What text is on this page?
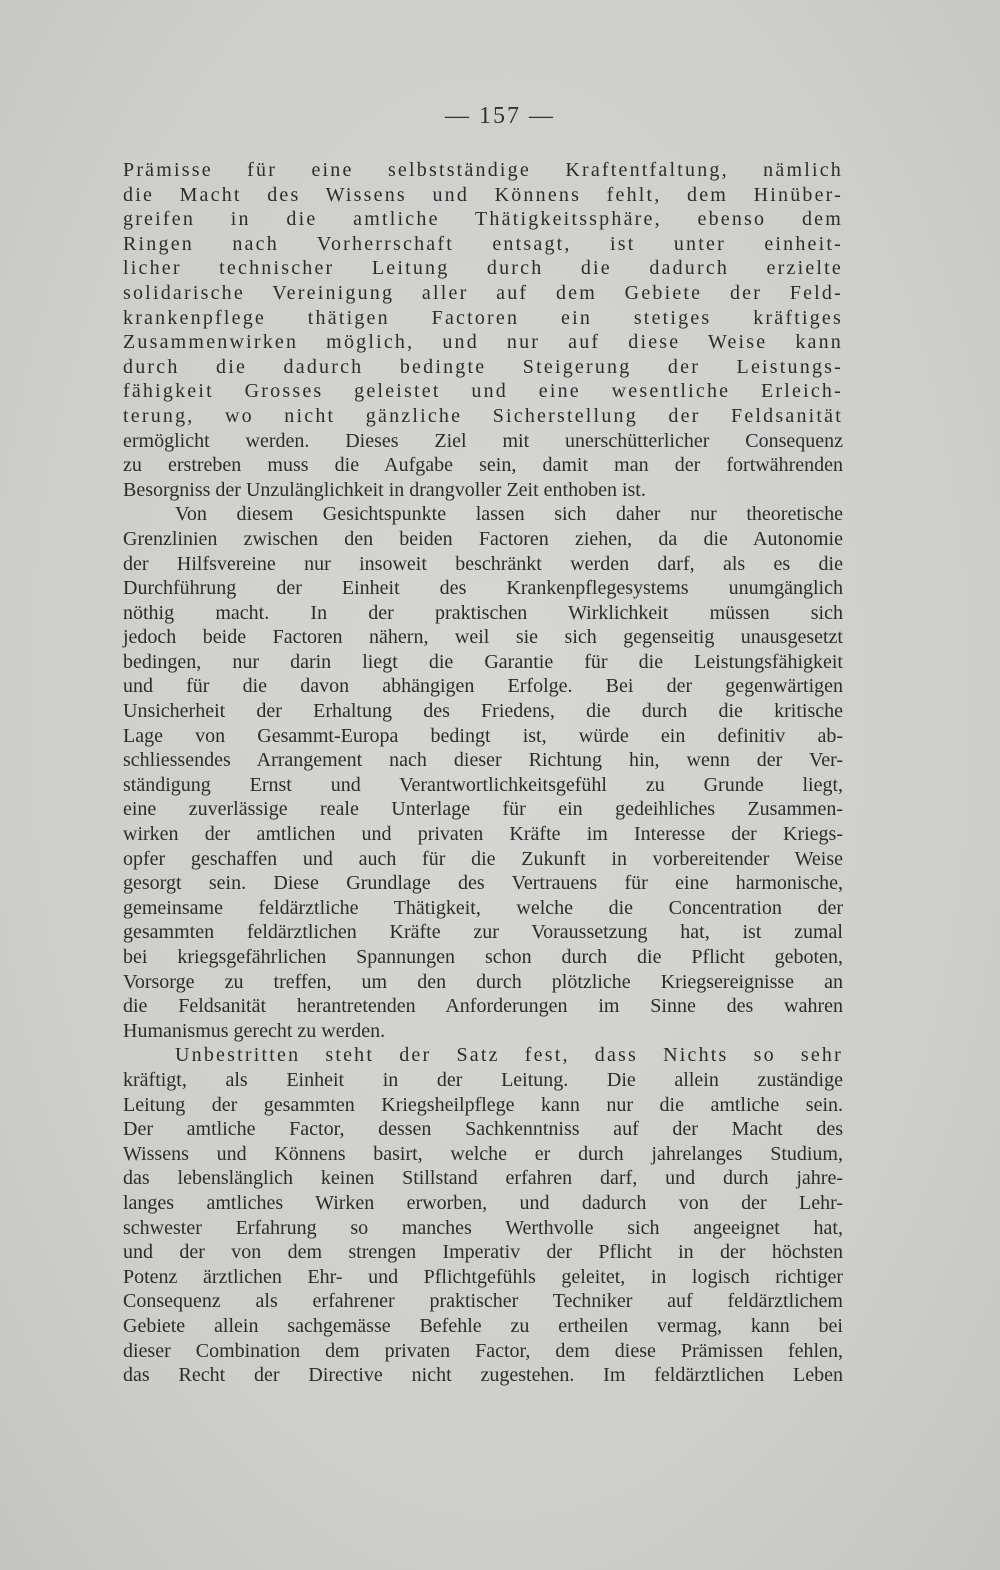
— 157 —
Prämisse für eine selbstständige Kraftentfaltung, nämlich
die Macht des Wissens und Könnens fehlt, dem Hinüber-
greifen in die amtliche Thätigkeitssphäre, ebenso dem
Ringen nach Vorherrschaft entsagt, ist unter einheit-
licher technischer Leitung durch die dadurch erzielte
solidarische Vereinigung aller auf dem Gebiete der Feld-
krankenpflege thätigen Factoren ein stetiges kräftiges
Zusammenwirken möglich, und nur auf diese Weise kann
durch die dadurch bedingte Steigerung der Leistungs-
fähigkeit Grosses geleistet und eine wesentliche Erleich-
terung, wo nicht gänzliche Sicherstellung der Feldsanität
ermöglicht werden. Dieses Ziel mit unerschütterlicher Consequenz
zu erstreben muss die Aufgabe sein, damit man der fortwährenden
Besorgniss der Unzulänglichkeit in drangvoller Zeit enthoben ist.
Von diesem Gesichtspunkte lassen sich daher nur theoretische
Grenzlinien zwischen den beiden Factoren ziehen, da die Autonomie
der Hilfsvereine nur insoweit beschränkt werden darf, als es die
Durchführung der Einheit des Krankenpflegesystems unumgänglich
nöthig macht. In der praktischen Wirklichkeit müssen sich
jedoch beide Factoren nähern, weil sie sich gegenseitig unausgesetzt
bedingen, nur darin liegt die Garantie für die Leistungsfähigkeit
und für die davon abhängigen Erfolge. Bei der gegenwärtigen
Unsicherheit der Erhaltung des Friedens, die durch die kritische
Lage von Gesammt-Europa bedingt ist, würde ein definitiv ab-
schliessendes Arrangement nach dieser Richtung hin, wenn der Ver-
ständigung Ernst und Verantwortlichkeitsgefühl zu Grunde liegt,
eine zuverlässige reale Unterlage für ein gedeihliches Zusammen-
wirken der amtlichen und privaten Kräfte im Interesse der Kriegs-
opfer geschaffen und auch für die Zukunft in vorbereitender Weise
gesorgt sein. Diese Grundlage des Vertrauens für eine harmonische,
gemeinsame feldärztliche Thätigkeit, welche die Concentration der
gesammten feldärztlichen Kräfte zur Voraussetzung hat, ist zumal
bei kriegsgefährlichen Spannungen schon durch die Pflicht geboten,
Vorsorge zu treffen, um den durch plötzliche Kriegsereignisse an
die Feldsanität herantretenden Anforderungen im Sinne des wahren
Humanismus gerecht zu werden.
Unbestritten steht der Satz fest, dass Nichts so sehr
kräftigt, als Einheit in der Leitung. Die allein zuständige
Leitung der gesammten Kriegsheilpflege kann nur die amtliche sein.
Der amtliche Factor, dessen Sachkenntniss auf der Macht des
Wissens und Könnens basirt, welche er durch jahrelanges Studium,
das lebenslänglich keinen Stillstand erfahren darf, und durch jahre-
langes amtliches Wirken erworben, und dadurch von der Lehr-
schwester Erfahrung so manches Werthvolle sich angeeignet hat,
und der von dem strengen Imperativ der Pflicht in der höchsten
Potenz ärztlichen Ehr- und Pflichtgefühls geleitet, in logisch richtiger
Consequenz als erfahrener praktischer Techniker auf feldärztlichem
Gebiete allein sachgemässe Befehle zu ertheilen vermag, kann bei
dieser Combination dem privaten Factor, dem diese Prämissen fehlen,
das Recht der Directive nicht zugestehen. Im feldärztlichen Leben
